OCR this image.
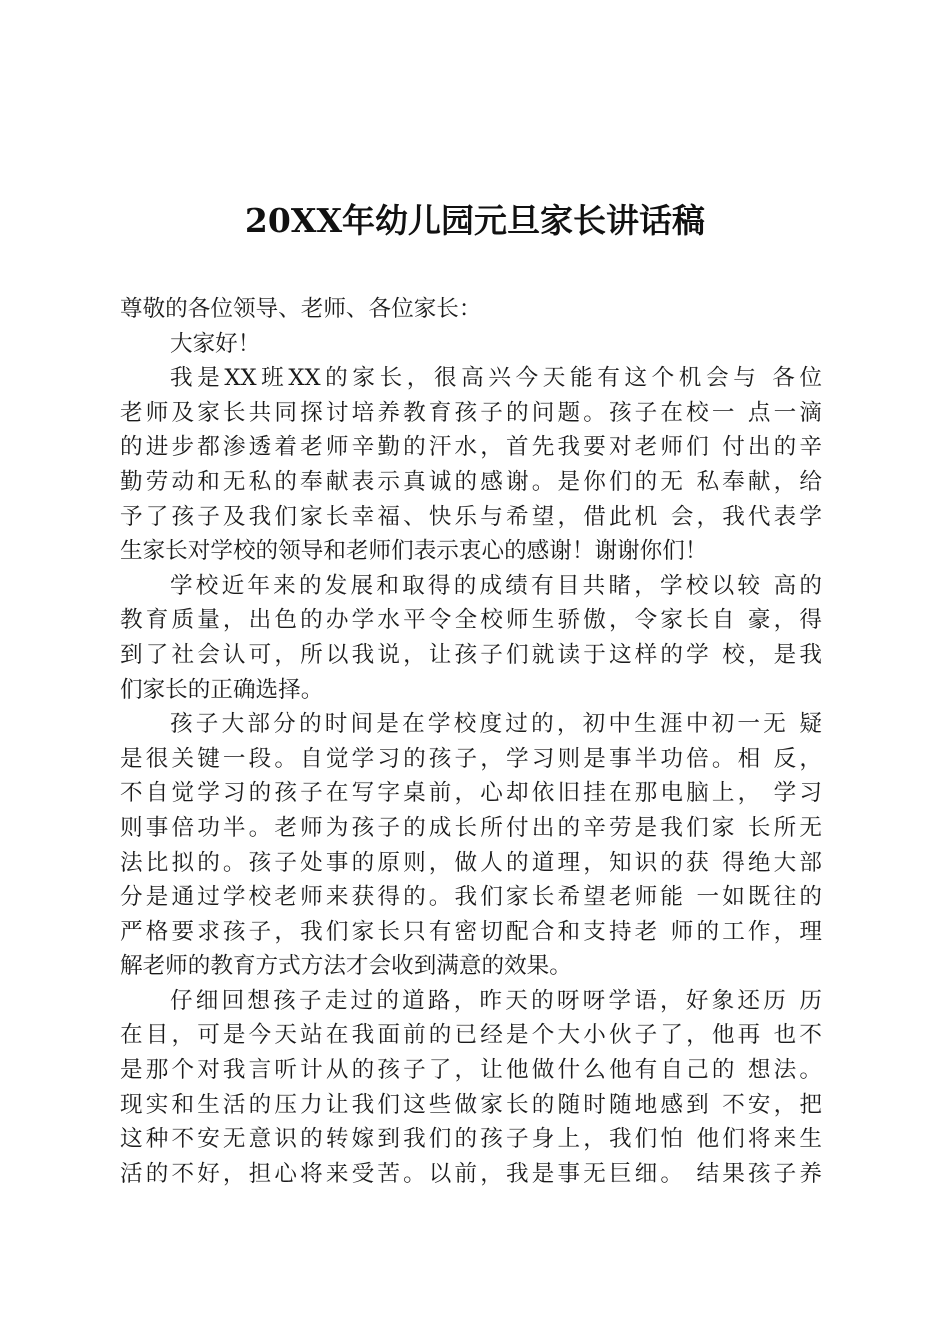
20XX年幼儿园元旦家长讲话稿
尊敬的各位领导、老师、各位家长：
大家好！
我是XX班XX的家长，很高兴今天能有这个机会与 各位
老师及家长共同探讨培养教育孩子的问题。孩子在校一 点一滴
的进步都渗透着老师辛勤的汗水，首先我要对老师们 付出的辛
勤劳动和无私的奉献表示真诚的感谢。是你们的无 私奉献，给
予了孩子及我们家长幸福、快乐与希望，借此机 会，我代表学
生家长对学校的领导和老师们表示衷心的感谢！谢谢你们！
学校近年来的发展和取得的成绩有目共睹，学校以较 高的
教育质量，出色的办学水平令全校师生骄傲，令家长自 豪，得
到了社会认可，所以我说，让孩子们就读于这样的学 校，是我
们家长的正确选择。
孩子大部分的时间是在学校度过的，初中生涯中初一无 疑
是很关键一段。自觉学习的孩子，学习则是事半功倍。相 反，
不自觉学习的孩子在写字桌前，心却依旧挂在那电脑上， 学习
则事倍功半。老师为孩子的成长所付出的辛劳是我们家 长所无
法比拟的。孩子处事的原则，做人的道理，知识的获 得绝大部
分是通过学校老师来获得的。我们家长希望老师能 一如既往的
严格要求孩子，我们家长只有密切配合和支持老 师的工作，理
解老师的教育方式方法才会收到满意的效果。
仔细回想孩子走过的道路，昨天的呀呀学语，好象还历 历
在目，可是今天站在我面前的已经是个大小伙子了，他再 也不
是那个对我言听计从的孩子了，让他做什么他有自己的 想法。
现实和生活的压力让我们这些做家长的随时随地感到 不安，把
这种不安无意识的转嫁到我们的孩子身上，我们怕 他们将来生
活的不好，担心将来受苦。以前，我是事无巨细。 结果孩子养
